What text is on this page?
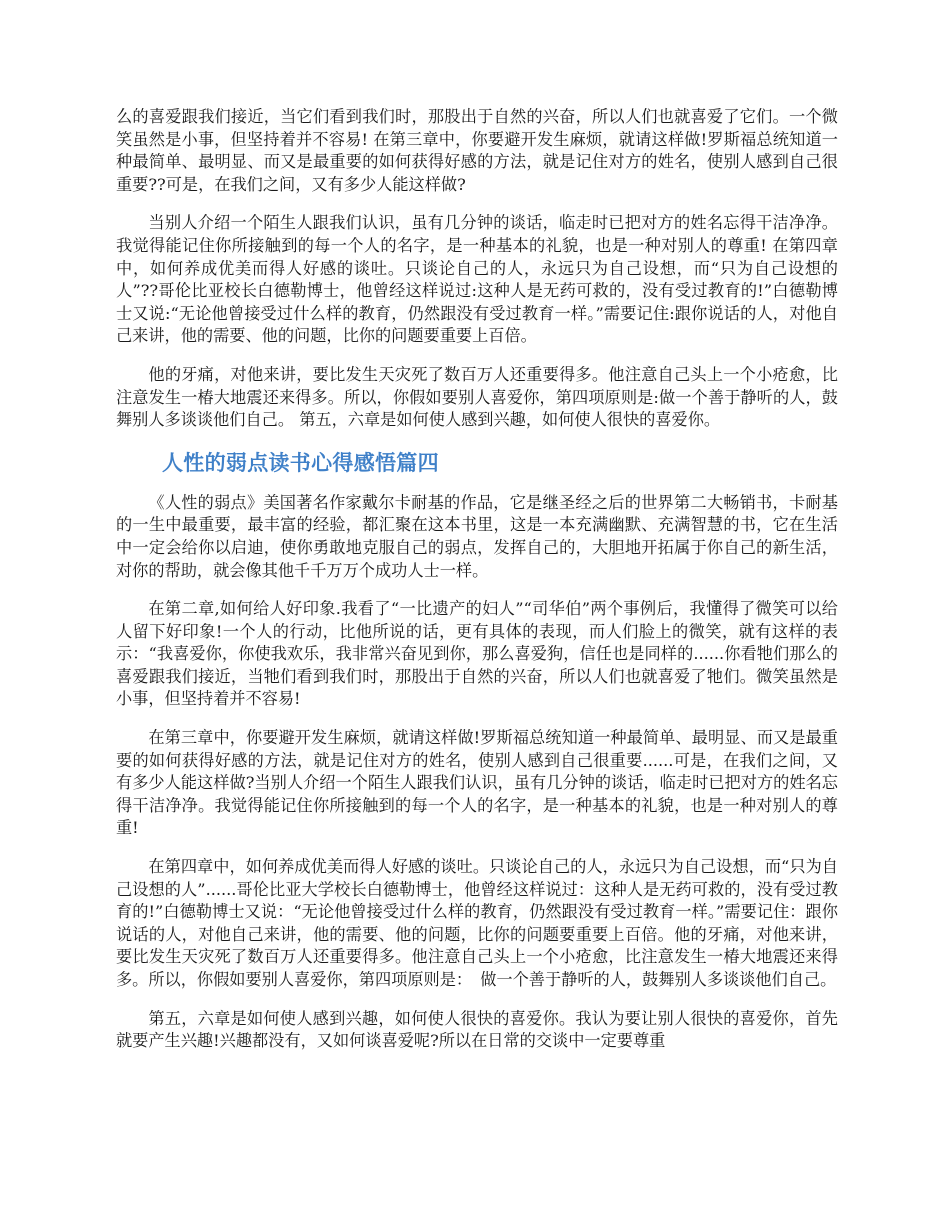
么的喜爱跟我们接近，当它们看到我们时，那股出于自然的兴奋，所以人们也就喜爱了它们。一个微笑虽然是小事，但坚持着并不容易! 在第三章中，你要避开发生麻烦，就请这样做!罗斯福总统知道一种最简单、最明显、而又是最重要的如何获得好感的方法，就是记住对方的姓名，使别人感到自己很重要??可是，在我们之间，又有多少人能这样做?

当别人介绍一个陌生人跟我们认识，虽有几分钟的谈话，临走时已把对方的姓名忘得干洁净净。我觉得能记住你所接触到的每一个人的名字，是一种基本的礼貌，也是一种对别人的尊重! 在第四章中，如何养成优美而得人好感的谈吐。只谈论自己的人，永远只为自己设想，而“只为自己设想的人”??哥伦比亚校长白德勒博士，他曾经这样说过:这种人是无药可救的，没有受过教育的!”白德勒博士又说:“无论他曾接受过什么样的教育，仍然跟没有受过教育一样。”需要记住:跟你说话的人，对他自己来讲，他的需要、他的问题，比你的问题要重要上百倍。

他的牙痛，对他来讲，要比发生天灾死了数百万人还重要得多。他注意自己头上一个小疮愈，比注意发生一椿大地震还来得多。所以，你假如要别人喜爱你，第四项原则是:做一个善于静听的人，鼓舞别人多谈谈他们自己。 第五，六章是如何使人感到兴趣，如何使人很快的喜爱你。

人性的弱点读书心得感悟篇四

《人性的弱点》美国著名作家戴尔卡耐基的作品，它是继圣经之后的世界第二大畅销书，卡耐基的一生中最重要，最丰富的经验，都汇聚在这本书里，这是一本充满幽默、充满智慧的书，它在生活中一定会给你以启迪，使你勇敢地克服自己的弱点，发挥自己的，大胆地开拓属于你自己的新生活，对你的帮助，就会像其他千千万万个成功人士一样。

在第二章,如何给人好印象.我看了“一比遗产的妇人”“司华伯”两个事例后，我懂得了微笑可以给人留下好印象!一个人的行动，比他所说的话，更有具体的表现，而人们脸上的微笑，就有这样的表示：“我喜爱你，你使我欢乐，我非常兴奋见到你，那么喜爱狗，信任也是同样的......你看牠们那么的喜爱跟我们接近，当牠们看到我们时，那股出于自然的兴奋，所以人们也就喜爱了牠们。微笑虽然是小事，但坚持着并不容易!

在第三章中，你要避开发生麻烦，就请这样做!罗斯福总统知道一种最简单、最明显、而又是最重要的如何获得好感的方法，就是记住对方的姓名，使别人感到自己很重要......可是，在我们之间，又有多少人能这样做?当别人介绍一个陌生人跟我们认识，虽有几分钟的谈话，临走时已把对方的姓名忘得干洁净净。我觉得能记住你所接触到的每一个人的名字，是一种基本的礼貌，也是一种对别人的尊重!

在第四章中，如何养成优美而得人好感的谈吐。只谈论自己的人，永远只为自己设想，而“只为自己设想的人”......哥伦比亚大学校长白德勒博士，他曾经这样说过：这种人是无药可救的，没有受过教育的!”白德勒博士又说：“无论他曾接受过什么样的教育，仍然跟没有受过教育一样。”需要记住：跟你说话的人，对他自己来讲，他的需要、他的问题，比你的问题要重要上百倍。他的牙痛，对他来讲，要比发生天灾死了数百万人还重要得多。他注意自己头上一个小疮愈，比注意发生一椿大地震还来得多。所以，你假如要别人喜爱你，第四项原则是：　做一个善于静听的人，鼓舞别人多谈谈他们自己。

第五，六章是如何使人感到兴趣，如何使人很快的喜爱你。我认为要让别人很快的喜爱你，首先就要产生兴趣!兴趣都没有，又如何谈喜爱呢?所以在日常的交谈中一定要尊重
